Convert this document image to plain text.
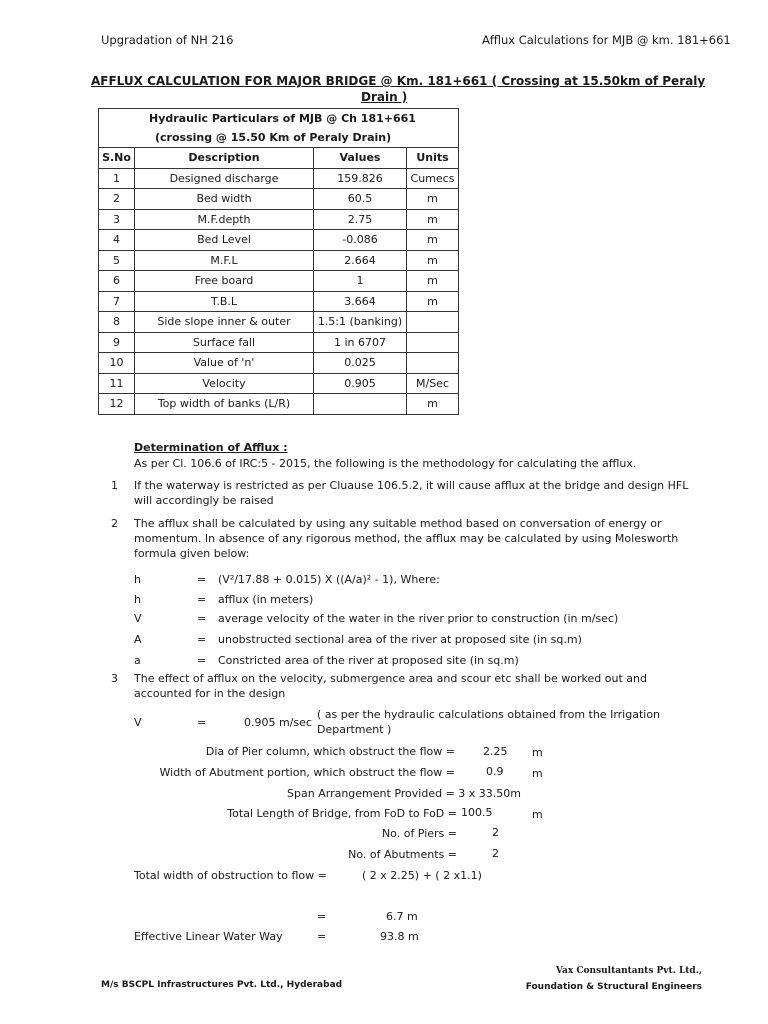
Upgradation of NH 216	Afflux Calculations for MJB @ km. 181+661
AFFLUX CALCULATION FOR MAJOR BRIDGE @ Km. 181+661 ( Crossing at 15.50km of Peraly
Drain )
Hydraulic Particulars of MJB @ Ch 181+661
(crossing @ 15.50 Km of Peraly Drain)			

S.No	Description	Values	Units
1	Designed discharge	159.826	Cumecs
2	Bed width	60.5	m
3	M.F.depth	2.75	m
4	Bed Level	-0.086	m
5	M.F.L	2.664	m
6	Free board	1	m
7	T.B.L	3.664	m
8	Side slope inner & outer	1.5:1 (banking)	
9	Surface fall	1 in 6707	
10	Value of 'n'	0.025	
11	Velocity	0.905	M/Sec
12	Top width of banks (L/R)		m
Determination of Afflux :
As per Cl. 106.6 of IRC:5 - 2015, the following is the methodology for calculating the afflux.
1 If the waterway is restricted as per Cluause 106.5.2, it will cause afflux at the bridge and design HFL
will accordingly be raised
2 The afflux shall be calculated by using any suitable method based on conversation of energy or
momentum. In absence of any rigorous method, the afflux may be calculated by using Molesworth
formula given below:
h	= (V²/17.88 + 0.015) X ((A/a)² - 1), Where:
h	= afflux (in meters)
V	= average velocity of the water in the river prior to construction (in m/sec)
A	= unobstructed sectional area of the river at proposed site (in sq.m)
a	= Constricted area of the river at proposed site (in sq.m)
3 The effect of afflux on the velocity, submergence area and scour etc shall be worked out and
accounted for in the design
V	=	0.905 m/sec
( as per the hydraulic calculations obtained from the Irrigation
Department )
Dia of Pier column, which obstruct the flow =	2.25 m
Width of Abutment portion, which obstruct the flow =	0.9	m
Span Arrangement Provided = 3 x 33.50m
Total Length of Bridge, from FoD to FoD = 100.5	m
No. of Piers =	2
No. of Abutments =	2
Total width of obstruction to flow =	( 2 x 2.25) + ( 2 x1.1)
=	6.7 m
Effective Linear Water Way	=	93.8 m
M/s BSCPL Infrastructures Pvt. Ltd., Hyderabad
Vax Consultantants Pvt. Ltd.,
Foundation & Structural Engineers
